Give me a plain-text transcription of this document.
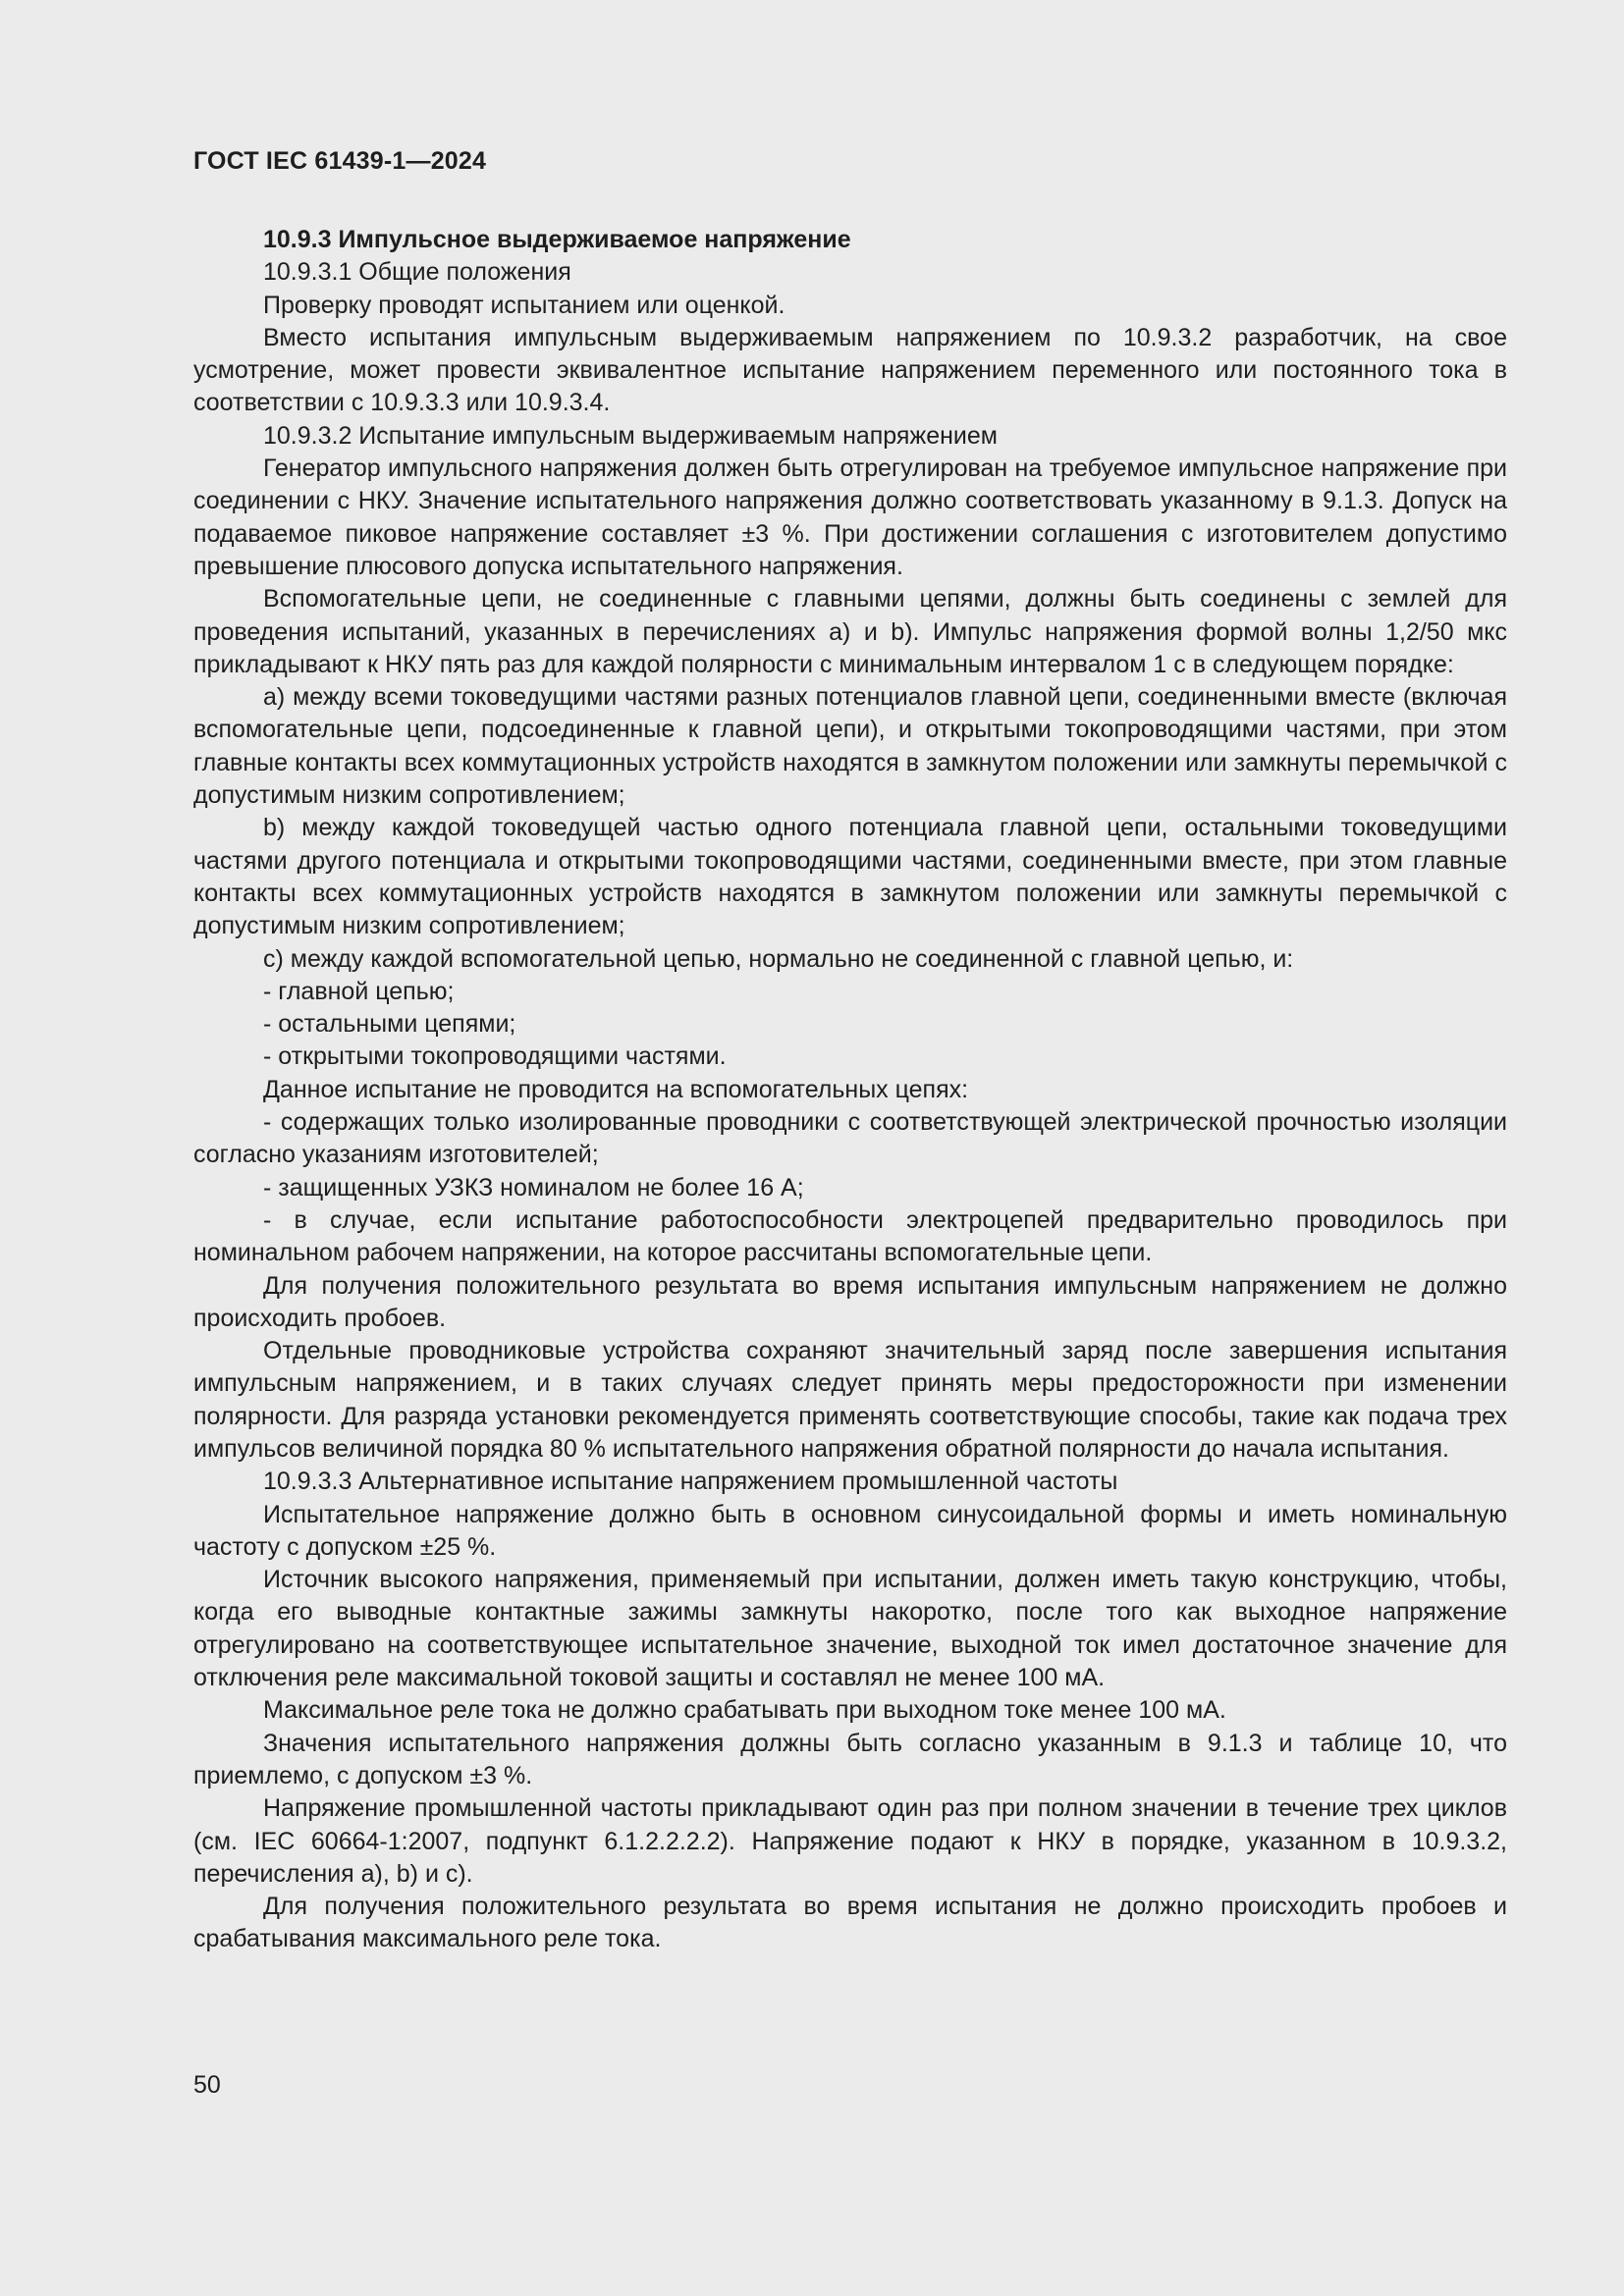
ГОСТ IEC 61439-1—2024

10.9.3 Импульсное выдерживаемое напряжение

10.9.3.1 Общие положения

Проверку проводят испытанием или оценкой.

Вместо испытания импульсным выдерживаемым напряжением по 10.9.3.2 разработчик, на свое усмотрение, может провести эквивалентное испытание напряжением переменного или постоянного тока в соответствии с 10.9.3.3 или 10.9.3.4.

10.9.3.2 Испытание импульсным выдерживаемым напряжением

Генератор импульсного напряжения должен быть отрегулирован на требуемое импульсное напряжение при соединении с НКУ. Значение испытательного напряжения должно соответствовать указанному в 9.1.3. Допуск на подаваемое пиковое напряжение составляет ±3 %. При достижении соглашения с изготовителем допустимо превышение плюсового допуска испытательного напряжения.

Вспомогательные цепи, не соединенные с главными цепями, должны быть соединены с землей для проведения испытаний, указанных в перечислениях а) и b). Импульс напряжения формой волны 1,2/50 мкс прикладывают к НКУ пять раз для каждой полярности с минимальным интервалом 1 с в следующем порядке:

а) между всеми токоведущими частями разных потенциалов главной цепи, соединенными вместе (включая вспомогательные цепи, подсоединенные к главной цепи), и открытыми токопроводящими частями, при этом главные контакты всех коммутационных устройств находятся в замкнутом положении или замкнуты перемычкой с допустимым низким сопротивлением;

b) между каждой токоведущей частью одного потенциала главной цепи, остальными токоведущими частями другого потенциала и открытыми токопроводящими частями, соединенными вместе, при этом главные контакты всех коммутационных устройств находятся в замкнутом положении или замкнуты перемычкой с допустимым низким сопротивлением;

с) между каждой вспомогательной цепью, нормально не соединенной с главной цепью, и:

- главной цепью;

- остальными цепями;

- открытыми токопроводящими частями.

Данное испытание не проводится на вспомогательных цепях:

- содержащих только изолированные проводники с соответствующей электрической прочностью изоляции согласно указаниям изготовителей;

- защищенных УЗКЗ номиналом не более 16 А;

- в случае, если испытание работоспособности электроцепей предварительно проводилось при номинальном рабочем напряжении, на которое рассчитаны вспомогательные цепи.

Для получения положительного результата во время испытания импульсным напряжением не должно происходить пробоев.

Отдельные проводниковые устройства сохраняют значительный заряд после завершения испытания импульсным напряжением, и в таких случаях следует принять меры предосторожности при изменении полярности. Для разряда установки рекомендуется применять соответствующие способы, такие как подача трех импульсов величиной порядка 80 % испытательного напряжения обратной полярности до начала испытания.

10.9.3.3 Альтернативное испытание напряжением промышленной частоты

Испытательное напряжение должно быть в основном синусоидальной формы и иметь номинальную частоту с допуском ±25 %.

Источник высокого напряжения, применяемый при испытании, должен иметь такую конструкцию, чтобы, когда его выводные контактные зажимы замкнуты накоротко, после того как выходное напряжение отрегулировано на соответствующее испытательное значение, выходной ток имел достаточное значение для отключения реле максимальной токовой защиты и составлял не менее 100 мА.

Максимальное реле тока не должно срабатывать при выходном токе менее 100 мА.

Значения испытательного напряжения должны быть согласно указанным в 9.1.3 и таблице 10, что приемлемо, с допуском ±3 %.

Напряжение промышленной частоты прикладывают один раз при полном значении в течение трех циклов (см. IEC 60664-1:2007, подпункт 6.1.2.2.2.2). Напряжение подают к НКУ в порядке, указанном в 10.9.3.2, перечисления а), b) и с).

Для получения положительного результата во время испытания не должно происходить пробоев и срабатывания максимального реле тока.

50
